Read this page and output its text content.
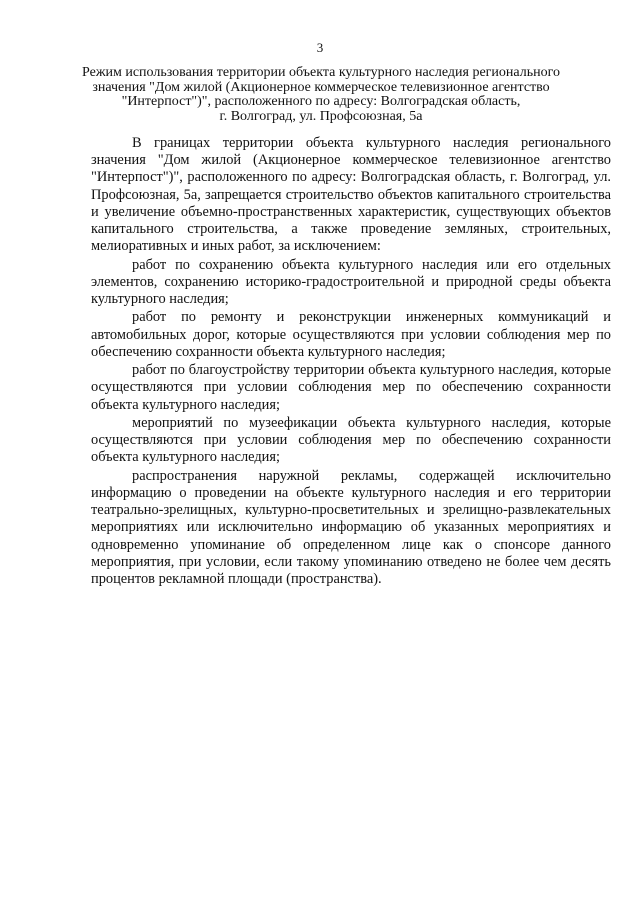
3
Режим использования территории объекта культурного наследия регионального
значения "Дом жилой (Акционерное коммерческое телевизионное агентство
"Интерпост")", расположенного по адресу: Волгоградская область,
г. Волгоград, ул. Профсоюзная, 5а

В границах территории объекта культурного наследия регионального значения "Дом жилой (Акционерное коммерческое телевизионное агентство "Интерпост")", расположенного по адресу: Волгоградская область, г. Волгоград, ул. Профсоюзная, 5а, запрещается строительство объектов капитального строительства и увеличение объемно-пространственных характеристик, существующих объектов капитального строительства, а также проведение земляных, строительных, мелиоративных и иных работ, за исключением:

работ по сохранению объекта культурного наследия или его отдельных элементов, сохранению историко-градостроительной и природной среды объекта культурного наследия;

работ по ремонту и реконструкции инженерных коммуникаций и автомобильных дорог, которые осуществляются при условии соблюдения мер по обеспечению сохранности объекта культурного наследия;

работ по благоустройству территории объекта культурного наследия, которые осуществляются при условии соблюдения мер по обеспечению сохранности объекта культурного наследия;

мероприятий по музеефикации объекта культурного наследия, которые осуществляются при условии соблюдения мер по обеспечению сохранности объекта культурного наследия;

распространения наружной рекламы, содержащей исключительно информацию о проведении на объекте культурного наследия и его территории театрально-зрелищных, культурно-просветительных и зрелищно-развлекательных мероприятиях или исключительно информацию об указанных мероприятиях и одновременно упоминание об определенном лице как о спонсоре данного мероприятия, при условии, если такому упоминанию отведено не более чем десять процентов рекламной площади (пространства).
